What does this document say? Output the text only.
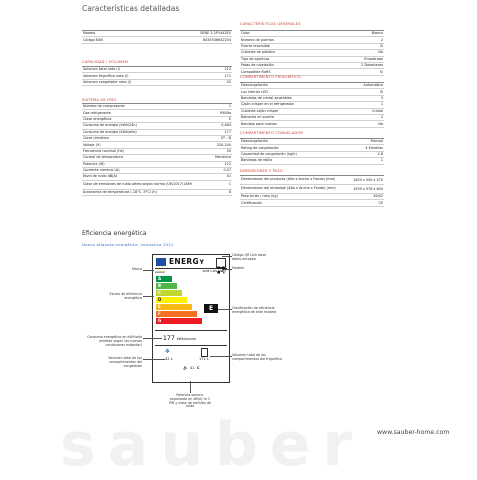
sauber
Características detalladas
Modelo	SENE 3-2P1442EV
Código EAN	8435536642204
CAPACIDAD / VOLUMEN
Volumen total neto (l)	212
Volumen frigorífico neto (l)	171
Volumen congelador neto (l)	42
SISTEMA DE FRÍO
Número de compresores	1
Gas refrigerante	R600a
Clase energética	E
Consumo de energía (kWh/24h)	0,484
Consumo de energía (kWh/año)	177
Clase climática	ST - N
Voltaje (V)	220-240
Frecuencia nominal (Hz)	50
Control de temperatura	Mecánico
Potencia (W)	122
Corriente nominal (A)	0,57
Nivel de ruido dB(A)	41
Clase de emisiones de ruido aéreo según norma (UE)2017/1369	C
Autonomía de temperatura (-18°C -9°C) (h)	8
CARACTERÍSTICAS GENERALES
Color	Blanco
Número de puertas	2
Puerta reversible	Sí
Cubierta de plástico	No
Tipo de apertura	Empotrado
Patas de nivelación	2 Delanteras
Compatible RoHS	Sí
COMPARTIMENTO FRIGORÍFICO
Descongelación	Automática
Luz interior LED	Sí
Bandejas de cristal ajustables	3
Cajón crisper en el refrigerador	1
Cubierta cajón crisper	Cristal
Balcones en puerta	2
Bandeja para huevos	No
COMPARTIMENTO CONGELADOR
Descongelación	Manual
Rating de congelación	4 Estrellas
Capacidad de congelación (kg/h)	2,6
Bandejas de rejilla	1
DIMENSIONES Y PESO
Dimensiones del producto (Alto x Ancho x Fondo) (mm)	1450 x 540 x 570
Dimensiones del embalaje (Alto x Ancho x Fondo) (mm)	1539 x 578 x 600
Peso bruto / neto (kg)	39/42
Certificación	CE
Eficiencia energética
Nueva etiqueta energética, normativa 2021
ENERGʏ
sauber	SENE 3-2P1442EV
A
B
C
D
E
F
G
E
177 kWh/annum
❄
42 L	171 L
🔈 41 C
Código QR Link base datos europea
Modelo
Marca
Escala de eficiencia energética
Clasificación de eficiencia energética de este modelo
Consumo energético en kWh/año (medido según las nuevas condiciones estándar)
Volumen total de los compartimentos del congelador
Volumen total de los compartimentos del frigorífico
Potencia sonora, expresada en dB(A) re 1 PW y clase de emisión de ruido
www.sauber-home.com
